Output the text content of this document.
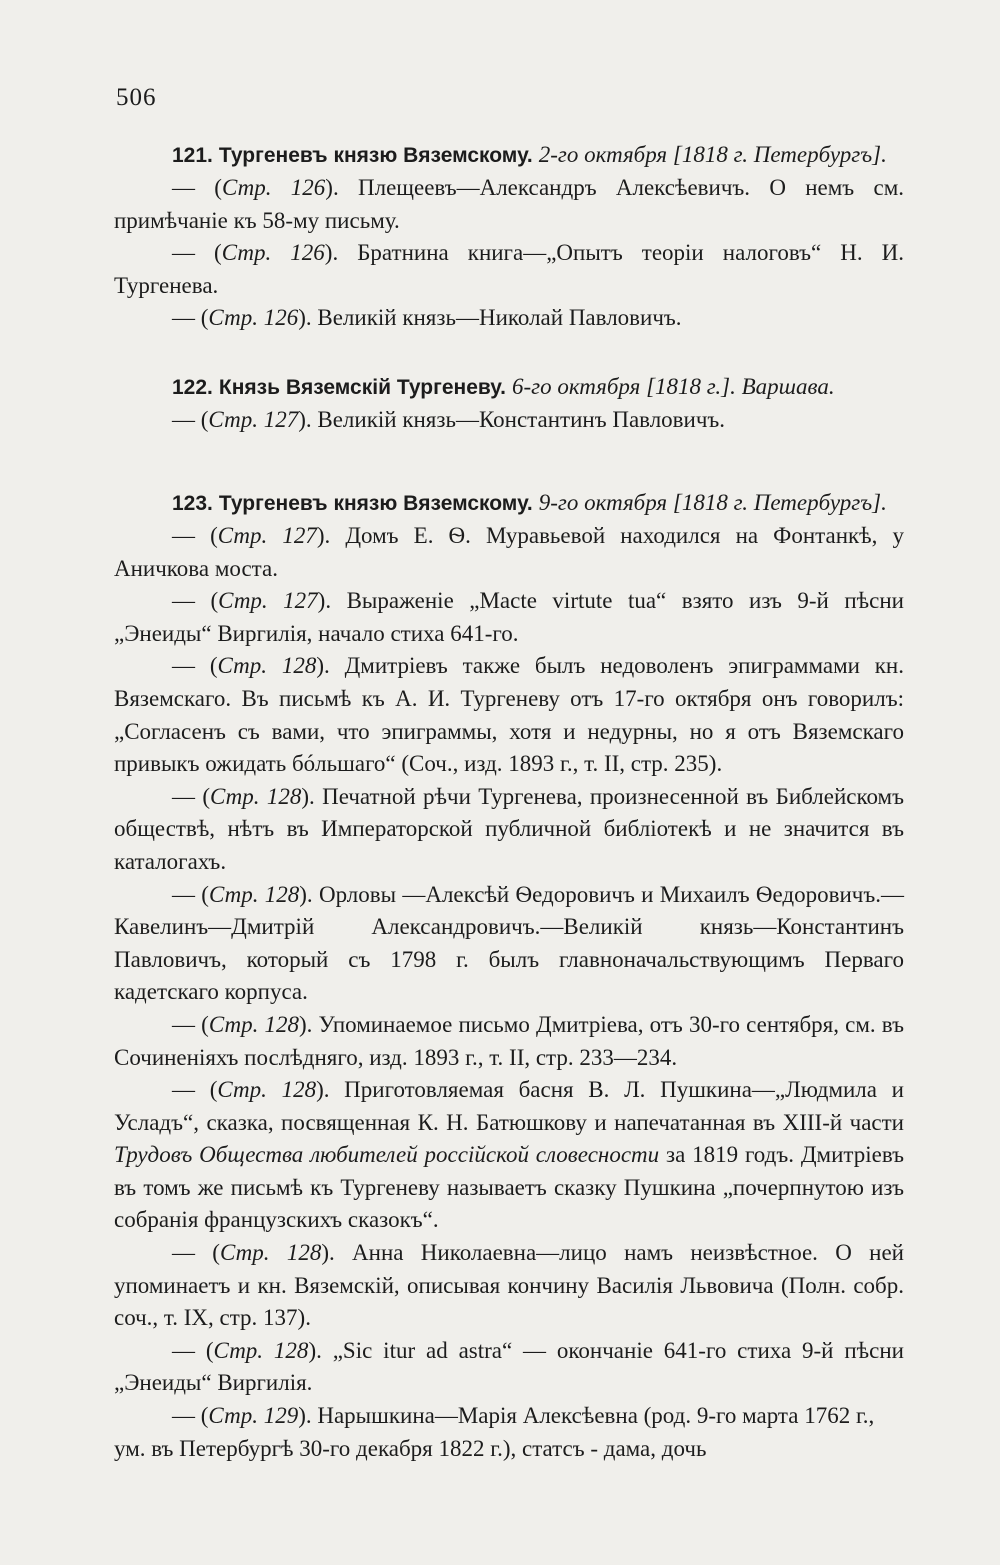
506
121. Тургеневъ князю Вяземскому. 2-го октября [1818 г. Петербургъ].

— (Стр. 126). Плещеевъ—Александръ Алексѣевичъ. О немъ см. примѣчаніе къ 58-му письму.

— (Стр. 126). Братнина книга—„Опытъ теоріи налоговъ“ Н. И. Тургенева.

— (Стр. 126). Великій князь—Николай Павловичъ.

122. Князь Вяземскій Тургеневу. 6-го октября [1818 г.]. Варшава.

— (Стр. 127). Великій князь—Константинъ Павловичъ.

123. Тургеневъ князю Вяземскому. 9-го октября [1818 г. Петербургъ].

— (Стр. 127). Домъ Е. Ѳ. Муравьевой находился на Фонтанкѣ, у Аничкова моста.

— (Стр. 127). Выраженіе „Macte virtute tua“ взято изъ 9-й пѣсни „Энеиды“ Виргилія, начало стиха 641-го.

— (Стр. 128). Дмитріевъ также былъ недоволенъ эпиграммами кн. Вяземскаго. Въ письмѣ къ А. И. Тургеневу отъ 17-го октября онъ говорилъ: „Согласенъ съ вами, что эпиграммы, хотя и недурны, но я отъ Вяземскаго привыкъ ожидать бóльшаго“ (Соч., изд. 1893 г., т. II, стр. 235).

— (Стр. 128). Печатной рѣчи Тургенева, произнесенной въ Библейскомъ обществѣ, нѣтъ въ Императорской публичной библіотекѣ и не значится въ каталогахъ.

— (Стр. 128). Орловы —Алексѣй Ѳедоровичъ и Михаилъ Ѳедоровичъ.—Кавелинъ—Дмитрій Александровичъ.—Великій князь—Константинъ Павловичъ, который съ 1798 г. былъ главноначальствующимъ Перваго кадетскаго корпуса.

— (Стр. 128). Упоминаемое письмо Дмитріева, отъ 30-го сентября, см. въ Сочиненіяхъ послѣдняго, изд. 1893 г., т. II, стр. 233—234.

— (Стр. 128). Приготовляемая басня В. Л. Пушкина—„Людмила и Усладъ“, сказка, посвященная К. Н. Батюшкову и напечатанная въ XIII-й части Трудовъ Общества любителей россійской словесности за 1819 годъ. Дмитріевъ въ томъ же письмѣ къ Тургеневу называетъ сказку Пушкина „почерпнутою изъ собранія французскихъ сказокъ“.

— (Стр. 128). Анна Николаевна—лицо намъ неизвѣстное. О ней упоминаетъ и кн. Вяземскій, описывая кончину Василія Львовича (Полн. собр. соч., т. IX, стр. 137).

— (Стр. 128). „Sic itur ad astra“ — окончаніе 641-го стиха 9-й пѣсни „Энеиды“ Виргилія.

— (Стр. 129). Нарышкина—Марія Алексѣевна (род. 9-го марта 1762 г., ум. въ Петербургѣ 30-го декабря 1822 г.), статсъ - дама, дочь
